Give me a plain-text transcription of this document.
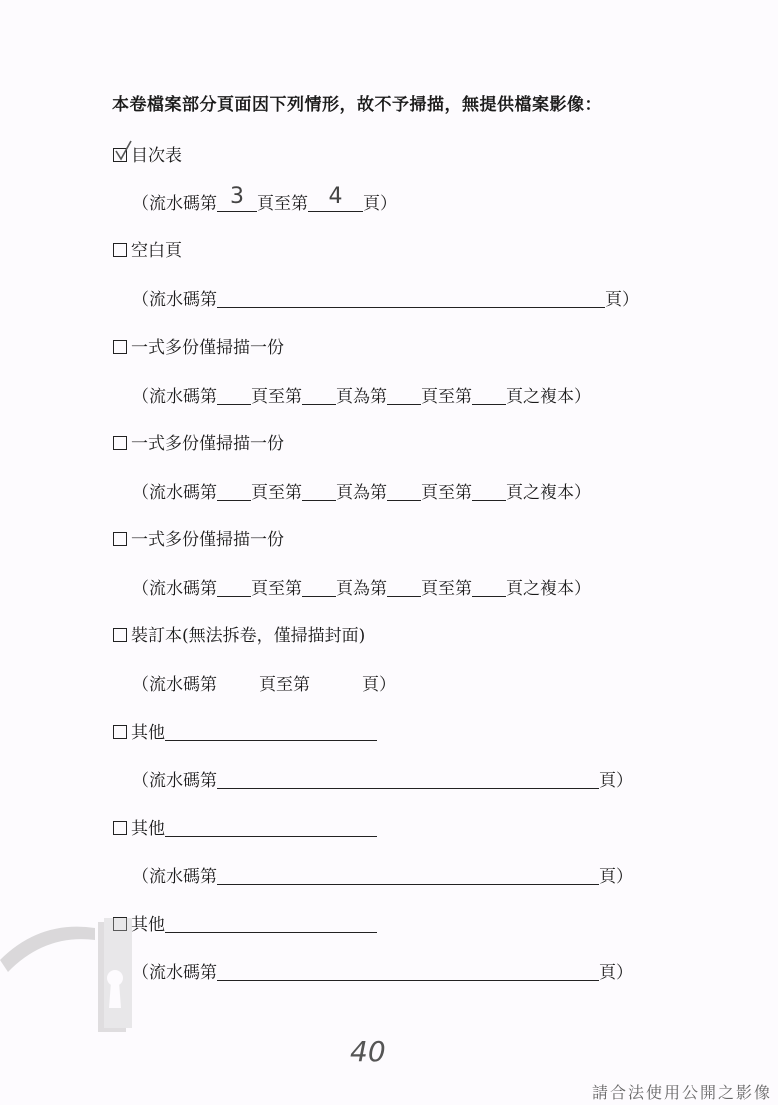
本卷檔案部分頁面因下列情形，故不予掃描，無提供檔案影像：
目次表
（流水碼第 3 頁至第 4 頁）
空白頁
（流水碼第	頁）
一式多份僅掃描一份
（流水碼第 頁至第 頁為第 頁至第 頁之複本）
一式多份僅掃描一份
（流水碼第 頁至第 頁為第 頁至第 頁之複本）
一式多份僅掃描一份
（流水碼第 頁至第 頁為第 頁至第 頁之複本）
裝訂本(無法拆卷，僅掃描封面)
（流水碼第 頁至第	頁）
其他
（流水碼第	頁）
其他
（流水碼第	頁）
其他
（流水碼第	頁）
40
請合法使用公開之影像
